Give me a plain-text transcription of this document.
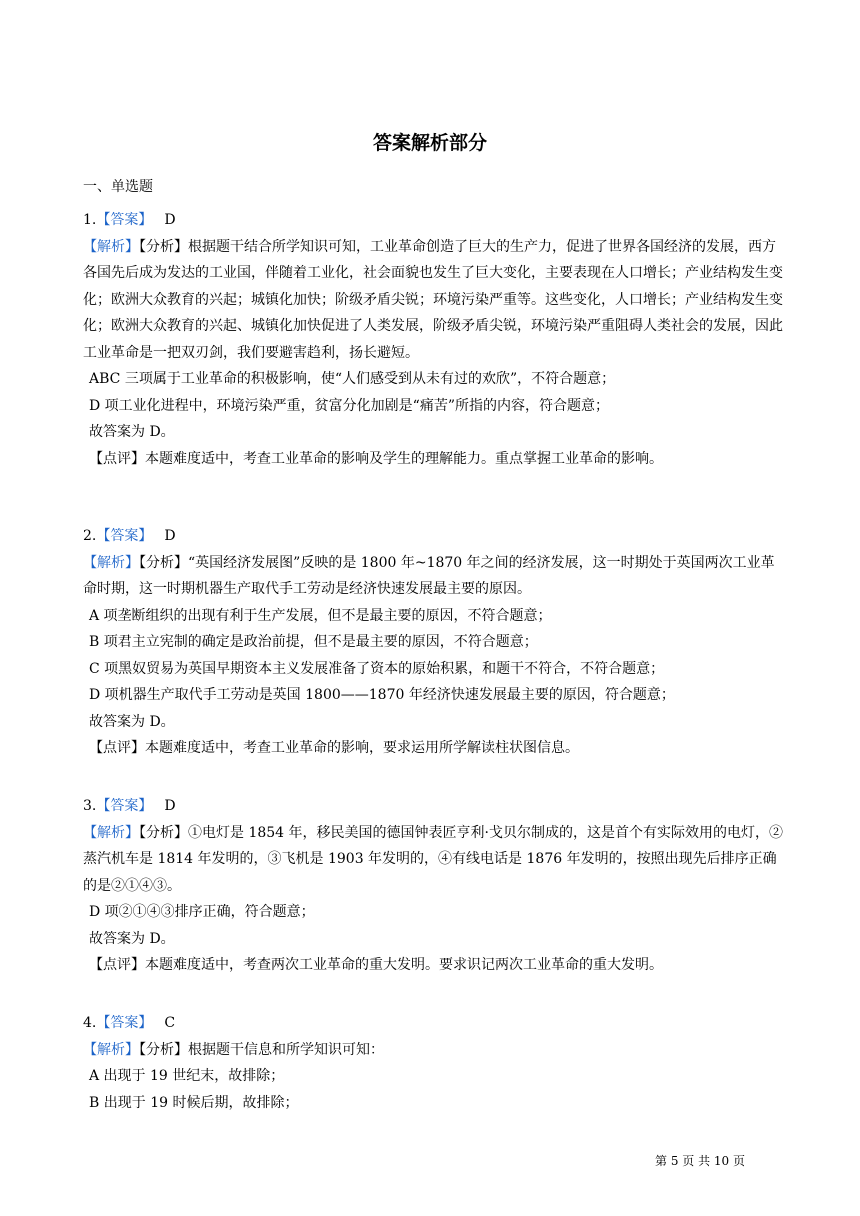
答案解析部分
一、单选题

1.【答案】 D

【解析】【分析】根据题干结合所学知识可知，工业革命创造了巨大的生产力，促进了世界各国经济的发展，西方各国先后成为发达的工业国，伴随着工业化，社会面貌也发生了巨大变化，主要表现在人口增长；产业结构发生变化；欧洲大众教育的兴起；城镇化加快；阶级矛盾尖锐；环境污染严重等。这些变化，人口增长；产业结构发生变化；欧洲大众教育的兴起、城镇化加快促进了人类发展，阶级矛盾尖锐，环境污染严重阻碍人类社会的发展，因此工业革命是一把双刃剑，我们要避害趋利，扬长避短。

ABC 三项属于工业革命的积极影响，使“人们感受到从未有过的欢欣”，不符合题意；

D 项工业化进程中，环境污染严重，贫富分化加剧是“痛苦”所指的内容，符合题意；

故答案为 D。

【点评】本题难度适中，考查工业革命的影响及学生的理解能力。重点掌握工业革命的影响。

2.【答案】 D

【解析】【分析】“英国经济发展图”反映的是 1800 年~1870 年之间的经济发展，这一时期处于英国两次工业革命时期，这一时期机器生产取代手工劳动是经济快速发展最主要的原因。

A 项垄断组织的出现有利于生产发展，但不是最主要的原因，不符合题意；

B 项君主立宪制的确定是政治前提，但不是最主要的原因，不符合题意；

C 项黑奴贸易为英国早期资本主义发展准备了资本的原始积累，和题干不符合，不符合题意；

D 项机器生产取代手工劳动是英国 1800——1870 年经济快速发展最主要的原因，符合题意；

故答案为 D。

【点评】本题难度适中，考查工业革命的影响，要求运用所学解读柱状图信息。

3.【答案】 D

【解析】【分析】①电灯是 1854 年，移民美国的德国钟表匠亨利·戈贝尔制成的，这是首个有实际效用的电灯，②蒸汽机车是 1814 年发明的，③飞机是 1903 年发明的，④有线电话是 1876 年发明的，按照出现先后排序正确的是②①④③。

D 项②①④③排序正确，符合题意；

故答案为 D。

【点评】本题难度适中，考查两次工业革命的重大发明。要求识记两次工业革命的重大发明。

4.【答案】 C

【解析】【分析】根据题干信息和所学知识可知：

A 出现于 19 世纪末，故排除；

B 出现于 19 时候后期，故排除；

第 5 页 共 10 页
